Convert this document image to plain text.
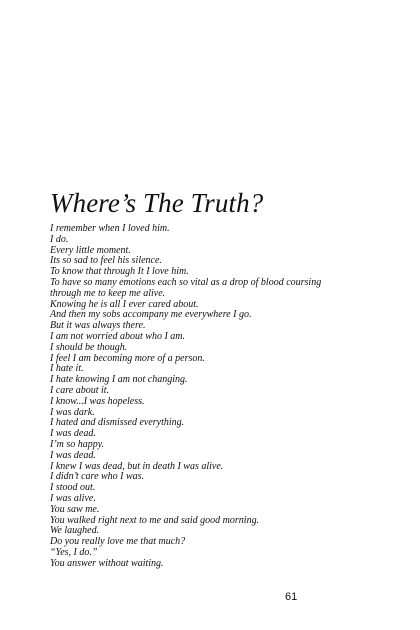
Where’s The Truth?
I remember when I loved him.
I do.
Every little moment.
Its so sad to feel his silence.
To know that through It I love him.
To have so many emotions each so vital as a drop of blood coursing
through me to keep me alive.
Knowing he is all I ever cared about.
And then my sobs accompany me everywhere I go.
But it was always there.
I am not worried about who I am.
I should be though.
I feel I am becoming more of a person.
I hate it.
I hate knowing I am not changing.
I care about it.
I know...I was hopeless.
I was dark.
I hated and dismissed everything.
I was dead.
I’m so happy.
I was dead.
I knew I was dead, but in death I was alive.
I didn’t care who I was.
I stood out.
I was alive.
You saw me.
You walked right next to me and said good morning.
We laughed.
Do you really love me that much?
“Yes, I do.”
You answer without waiting.
61
